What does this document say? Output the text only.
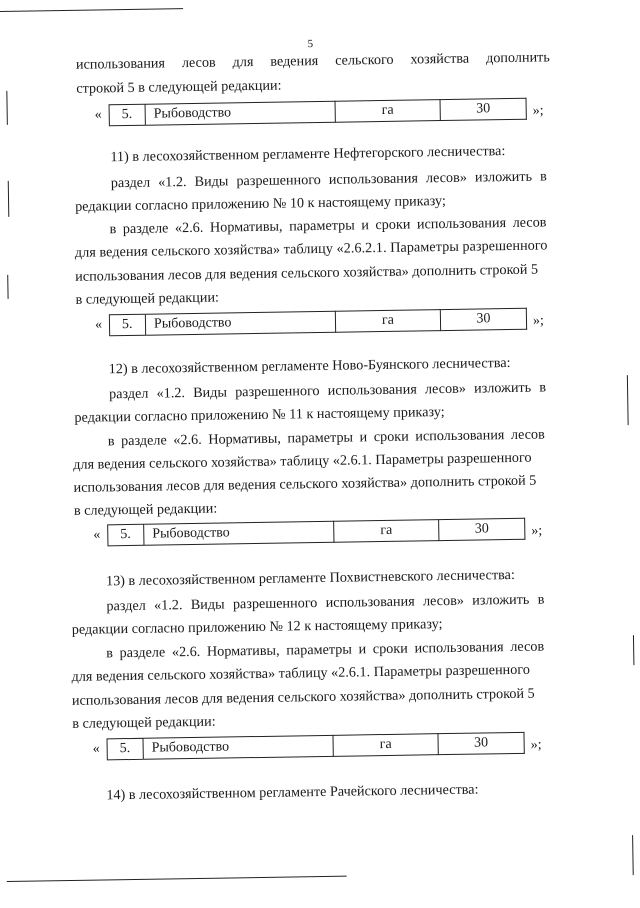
5
использования лесов для ведения сельского хозяйства дополнить
строкой 5 в следующей редакции:
«	5.	Рыбоводство	га	30	»;
11) в лесохозяйственном регламенте Нефтегорского лесничества:
раздел «1.2. Виды разрешенного использования лесов» изложить в
редакции согласно приложению № 10 к настоящему приказу;
в разделе «2.6. Нормативы, параметры и сроки использования лесов
для ведения сельского хозяйства» таблицу «2.6.2.1. Параметры разрешенного
использования лесов для ведения сельского хозяйства» дополнить строкой 5
в следующей редакции:
«	5.	Рыбоводство	га	30	»;
12) в лесохозяйственном регламенте Ново-Буянского лесничества:
раздел «1.2. Виды разрешенного использования лесов» изложить в
редакции согласно приложению № 11 к настоящему приказу;
в разделе «2.6. Нормативы, параметры и сроки использования лесов
для ведения сельского хозяйства» таблицу «2.6.1. Параметры разрешенного
использования лесов для ведения сельского хозяйства» дополнить строкой 5
в следующей редакции:
«	5.	Рыбоводство	га	30	»;
13) в лесохозяйственном регламенте Похвистневского лесничества:
раздел «1.2. Виды разрешенного использования лесов» изложить в
редакции согласно приложению № 12 к настоящему приказу;
в разделе «2.6. Нормативы, параметры и сроки использования лесов
для ведения сельского хозяйства» таблицу «2.6.1. Параметры разрешенного
использования лесов для ведения сельского хозяйства» дополнить строкой 5
в следующей редакции:
«	5.	Рыбоводство	га	30	»;
14) в лесохозяйственном регламенте Рачейского лесничества:
